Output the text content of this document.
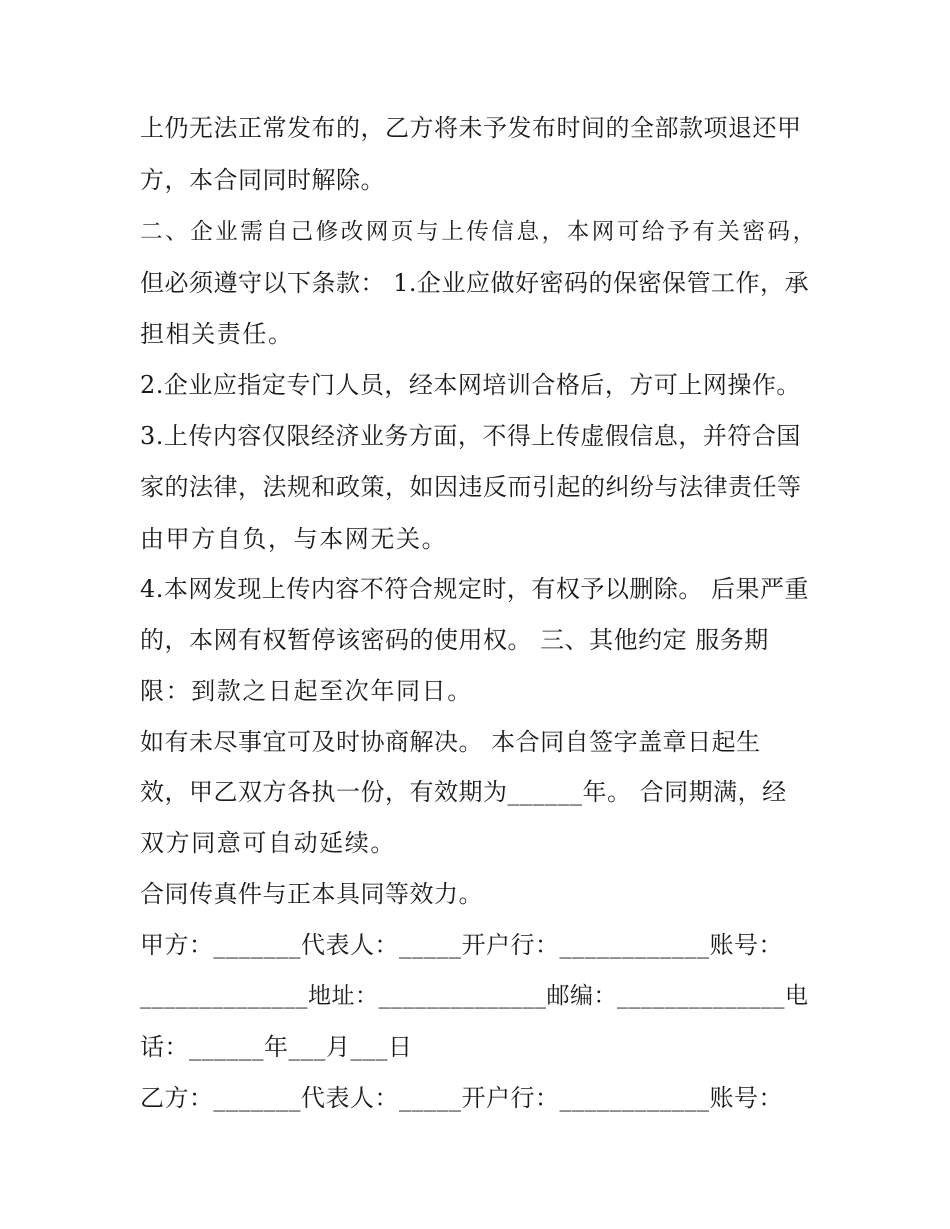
上仍无法正常发布的，乙方将未予发布时间的全部款项退还甲
方，本合同同时解除。
二、企业需自己修改网页与上传信息，本网可给予有关密码，
但必须遵守以下条款： 1.企业应做好密码的保密保管工作，承
担相关责任。
2.企业应指定专门人员，经本网培训合格后，方可上网操作。
3.上传内容仅限经济业务方面，不得上传虚假信息，并符合国
家的法律，法规和政策，如因违反而引起的纠纷与法律责任等
由甲方自负，与本网无关。
4.本网发现上传内容不符合规定时，有权予以删除。 后果严重
的，本网有权暂停该密码的使用权。 三、其他约定 服务期
限：到款之日起至次年同日。
如有未尽事宜可及时协商解决。 本合同自签字盖章日起生
效，甲乙双方各执一份，有效期为______年。 合同期满，经
双方同意可自动延续。
合同传真件与正本具同等效力。
甲方：_______代表人：_____开户行：____________账号：
______________地址：______________邮编：______________电
话：______年___月___日
乙方：_______代表人：_____开户行：____________账号：
